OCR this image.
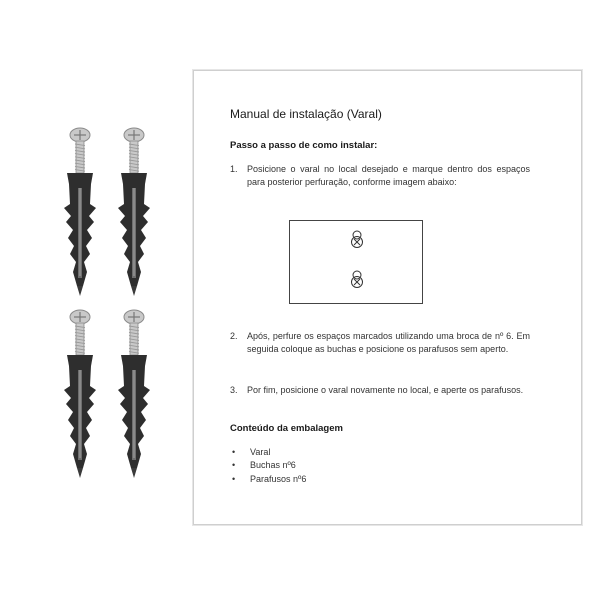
Manual de instalação (Varal)
Passo a passo de como instalar:
1. Posicione o varal no local desejado e marque dentro dos espaços para posterior perfuração, conforme imagem abaixo:
2. Após, perfure os espaços marcados utilizando uma broca de nº 6. Em seguida coloque as buchas e posicione os parafusos sem aperto.
3. Por fim, posicione o varal novamente no local, e aperte os parafusos.
Conteúdo da embalagem
• Varal
• Buchas nº6
• Parafusos nº6
